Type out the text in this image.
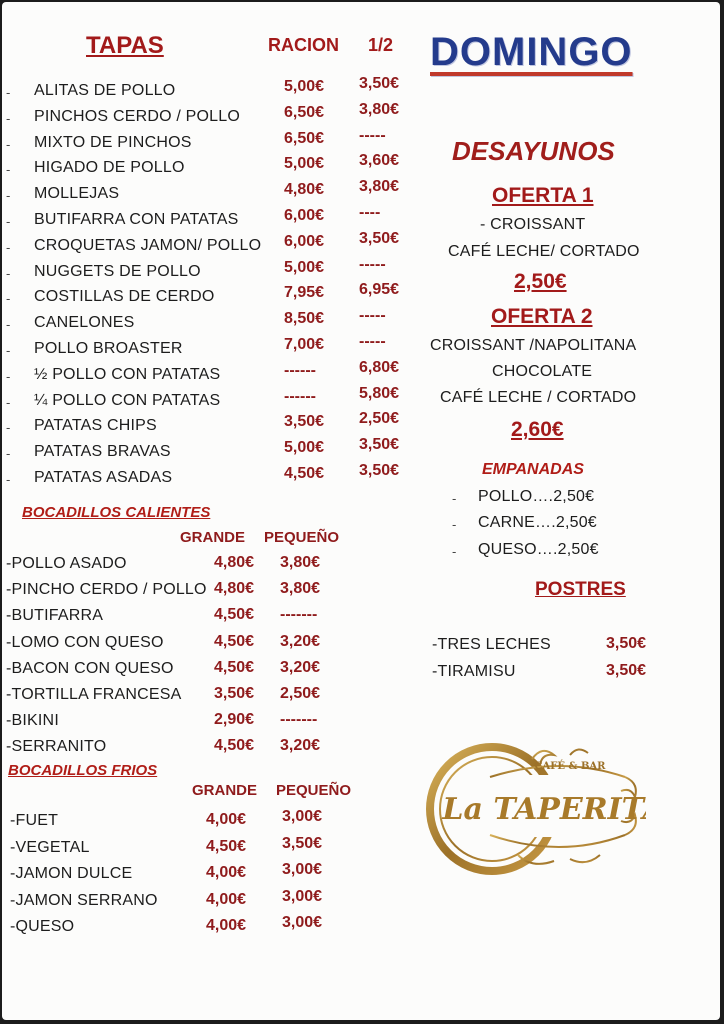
TAPAS	RACION 1/2
- ALITAS DE POLLO	5,00€ 3,50€
- PINCHOS CERDO / POLLO	6,50€ 3,80€
- MIXTO DE PINCHOS	6,50€ -----
- HIGADO DE POLLO	5,00€ 3,60€
- MOLLEJAS	4,80€ 3,80€
- BUTIFARRA CON PATATAS	6,00€ ----
- CROQUETAS JAMON/ POLLO 6,00€ 3,50€
- NUGGETS DE POLLO	5,00€ -----
- COSTILLAS DE CERDO	7,95€ 6,95€
- CANELONES	8,50€ -----
- POLLO BROASTER	7,00€ -----
- ½ POLLO CON PATATAS	------	6,80€
- ¼ POLLO CON PATATAS	------	5,80€
- PATATAS CHIPS	3,50€ 2,50€
- PATATAS BRAVAS	5,00€ 3,50€
- PATATAS ASADAS	4,50€ 3,50€
BOCADILLOS CALIENTES
GRANDE PEQUEÑO
-POLLO ASADO	4,80€ 3,80€
-PINCHO CERDO / POLLO 4,80€ 3,80€
-BUTIFARRA	4,50€ -------
-LOMO CON QUESO	4,50€ 3,20€
-BACON CON QUESO	4,50€ 3,20€
-TORTILLA FRANCESA 3,50€ 2,50€
-BIKINI	2,90€ -------
-SERRANITO	4,50€ 3,20€
BOCADILLOS FRIOS
GRANDE PEQUEÑO
-FUET	4,00€ 3,00€
-VEGETAL	4,50€ 3,50€
-JAMON DULCE	4,00€ 3,00€
-JAMON SERRANO	4,00€ 3,00€
-QUESO	4,00€ 3,00€
DOMINGO
DESAYUNOS
OFERTA 1
- CROISSANT
CAFÉ LECHE/ CORTADO
2,50€
OFERTA 2
CROISSANT /NAPOLITANA
CHOCOLATE
CAFÉ LECHE / CORTADO
2,60€
EMPANADAS
- POLLO….2,50€
- CARNE….2,50€
- QUESO….2,50€
POSTRES
-TRES LECHES	3,50€
-TIRAMISU	3,50€
CAFÉ & BAR
La TAPERITA
